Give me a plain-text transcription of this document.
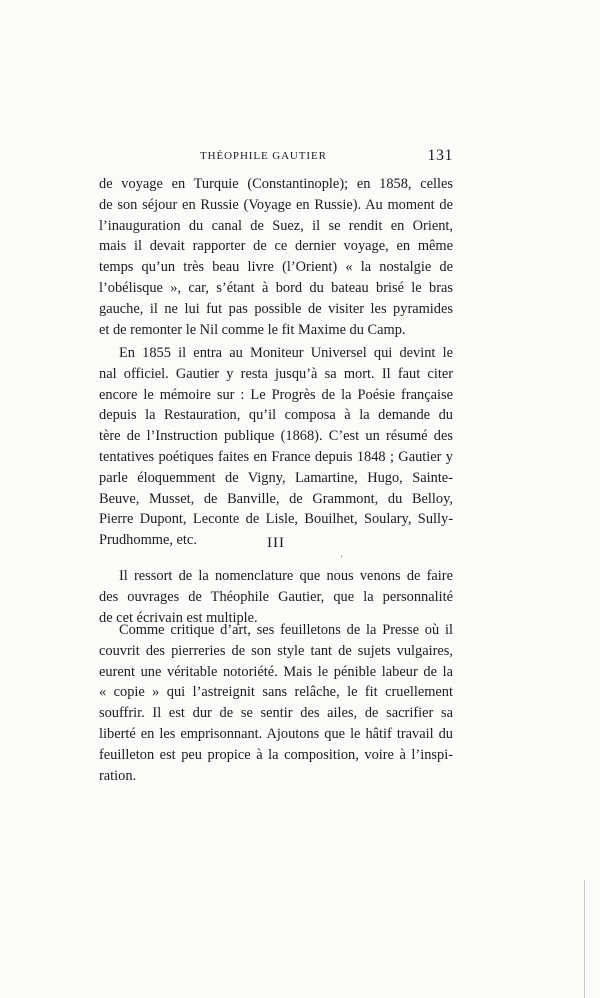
THÉOPHILE GAUTIER	131
de voyage en Turquie (Constantinople); en 1858, celles
de son séjour en Russie (Voyage en Russie). Au moment de
l’inauguration du canal de Suez, il se rendit en Orient,
mais il devait rapporter de ce dernier voyage, en même
temps qu’un très beau livre (l’Orient) « la nostalgie de
l’obélisque », car, s’étant à bord du bateau brisé le bras
gauche, il ne lui fut pas possible de visiter les pyramides
et de remonter le Nil comme le fit Maxime du Camp.
En 1855 il entra au Moniteur Universel qui devint le
nal officiel. Gautier y resta jusqu’à sa mort. Il faut citer
encore le mémoire sur : Le Progrès de la Poésie française
depuis la Restauration, qu’il composa à la demande du
tère de l’Instruction publique (1868). C’est un résumé des
tentatives poétiques faites en France depuis 1848 ; Gautier y
parle éloquemment de Vigny, Lamartine, Hugo, Sainte-
Beuve, Musset, de Banville, de Grammont, du Belloy,
Pierre Dupont, Leconte de Lisle, Bouilhet, Soulary, Sully-
Prudhomme, etc.	III
ʼ
Il ressort de la nomenclature que nous venons de faire
des ouvrages de Théophile Gautier, que la personnalité
de cet écrivain est multiple.
Comme critique d’art, ses feuilletons de la Presse où il
couvrit des pierreries de son style tant de sujets vulgaires,
eurent une véritable notoriété. Mais le pénible labeur de la
« copie » qui l’astreignit sans relâche, le fit cruellement
souffrir. Il est dur de se sentir des ailes, de sacrifier sa
liberté en les emprisonnant. Ajoutons que le hâtif travail du
feuilleton est peu propice à la composition, voire à l’inspi-
ration.
